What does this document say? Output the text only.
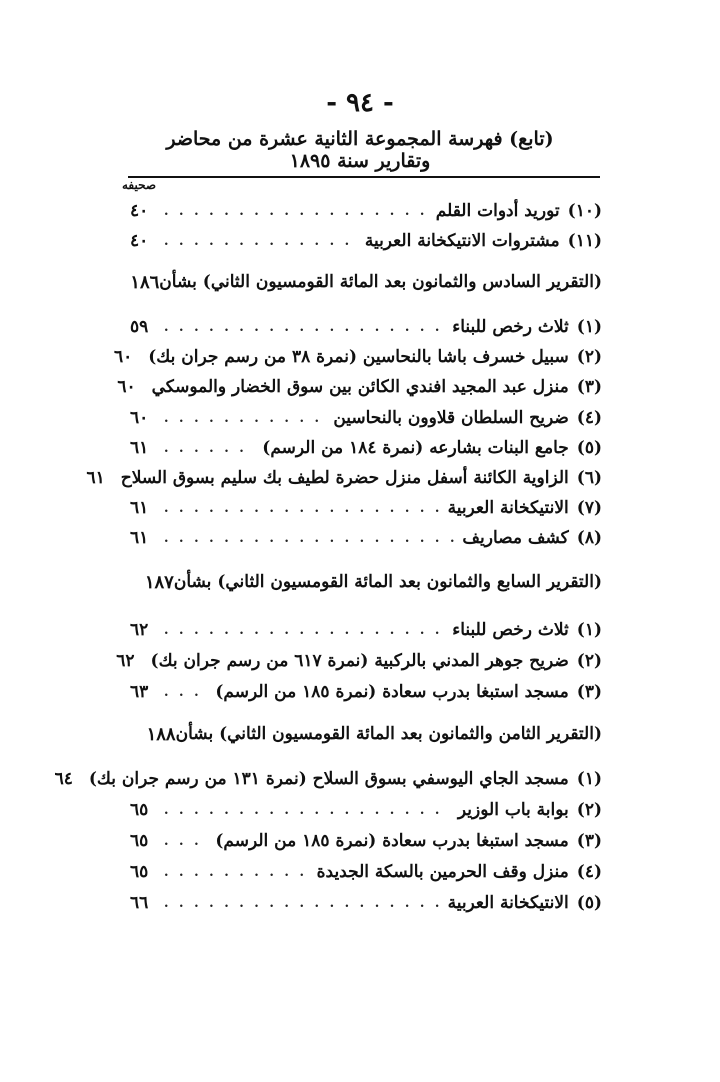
- ٩٤ -
(تابع) فهرسة المجموعة الثانية عشرة من محاضر وتقارير سنة ١٨٩٥
صحيفه
(١٠)
توريد أدوات القلم
. . .
٤٠
(١١)
مشتروات الانتيكخانة العربية
. . .
٤٠
(التقرير السادس والثمانون بعد المائة القومسيون الثاني) بشأن
١٨٦
(١)
ثلاث رخص للبناء
. . .
٥٩
(٢)
سبيل خسرف باشا بالنحاسين (نمرة ٣٨ من رسم جران بك)
٦٠
(٣)
منزل عبد المجيد افندي الكائن بين سوق الخضار والموسكي
٦٠
(٤)
ضريح السلطان قلاوون بالنحاسين
. . .
٦٠
(٥)
جامع البنات بشارعه (نمرة ١٨٤ من الرسم)
. . .
٦١
(٦)
الزاوية الكائنة أسفل منزل حضرة لطيف بك سليم بسوق السلاح
٦١
(٧)
الانتيكخانة العربية
. . .
٦١
(٨)
كشف مصاريف
. . .
٦١
(التقرير السابع والثمانون بعد المائة القومسيون الثاني) بشأن
١٨٧
(١)
ثلاث رخص للبناء
. . .
٦٢
(٢)
ضريح جوهر المدني بالركبية (نمرة ٦١٧ من رسم جران بك)
٦٢
(٣)
مسجد استبغا بدرب سعادة (نمرة ١٨٥ من الرسم)
. . .
٦٣
(التقرير الثامن والثمانون بعد المائة القومسيون الثاني) بشأن
١٨٨
(١)
مسجد الجاي اليوسفي بسوق السلاح (نمرة ١٣١ من رسم جران بك)
٦٤
(٢)
بوابة باب الوزير
. . .
٦٥
(٣)
مسجد استبغا بدرب سعادة (نمرة ١٨٥ من الرسم)
. . .
٦٥
(٤)
منزل وقف الحرمين بالسكة الجديدة
. . .
٦٥
(٥)
الانتيكخانة العربية
. . .
٦٦
